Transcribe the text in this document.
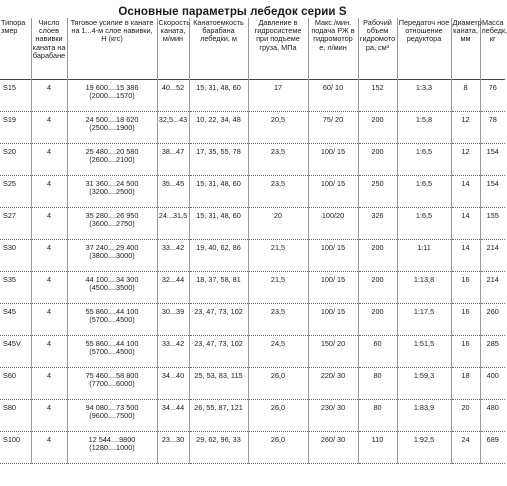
Основные параметры лебедок серии S
Типора змер	Число слоев навивки каната на барабане	Тяговое усилие в канате на 1...4-м слое навивки, Н (кгс)	Скорость каната, м/мин	Канатоемкость барабана лебедки, м	Давление в гидросистеме при подъеме груза, МПа	Макс./мин. подача РЖ в гидромотор е, л/мин	Рабочий объем гидромото ра, см³	Передаточ ное отношение редуктора	Диаметр каната, мм	Масса лебедк, кг
S15	4	19 600....15 386
(2000....1570)	40...52	15, 31, 48, 60	17	60/ 10	152	1:3,3	8	76
S19	4	24 500....18 620
(2500....1900)	32,5...43	10, 22, 34, 48	20,5	75/ 20	200	1:5,8	12	78
S20	4	25 480....20 580
(2600....2100)	38...47	17, 35, 55, 78	23,5	100/ 15	200	1:6,5	12	154
S25	4	31 360....24 500
(3200....2500)	35...45	15, 31, 48, 60	23,5	100/ 15	250	1:6,5	14	154
S27	4	35 280....26 950
(3600....2750)	24...31,5	15, 31, 48, 60	20	100/20	326	1:6,5	14	155
S30	4	37 240....29 400
(3800....3000)	33...42	19, 40, 62, 86	21,5	100/ 15	200	1:11	14	214
S35	4	44 100....34 300
(4500....3500)	32...44	18, 37, 58, 81	21,5	100/ 15	200	1:13,8	16	214
S45	4	55 860....44 100
(5700....4500)	30...39	23, 47, 73, 102	23,5	100/ 15	200	1:17,5	16	260
S45V	4	55 860....44 100
(5700....4500)	33...42	23, 47, 73, 102	24,5	150/ 20	60	1:51,5	16	285
S60	4	75 460....58 800
(7700....6000)	34...40	25, 53, 83, 115	26,0	220/ 30	80	1:59,3	18	400
S80	4	94 080....73 500
(9600....7500)	34...44	26, 55, 87, 121	26,0	230/ 30	80	1:83,9	20	480
S100	4	12 544....9800
(1280....1000)	23...30	29, 62, 96, 33	26,0	260/ 30	110	1:92,5	24	689
